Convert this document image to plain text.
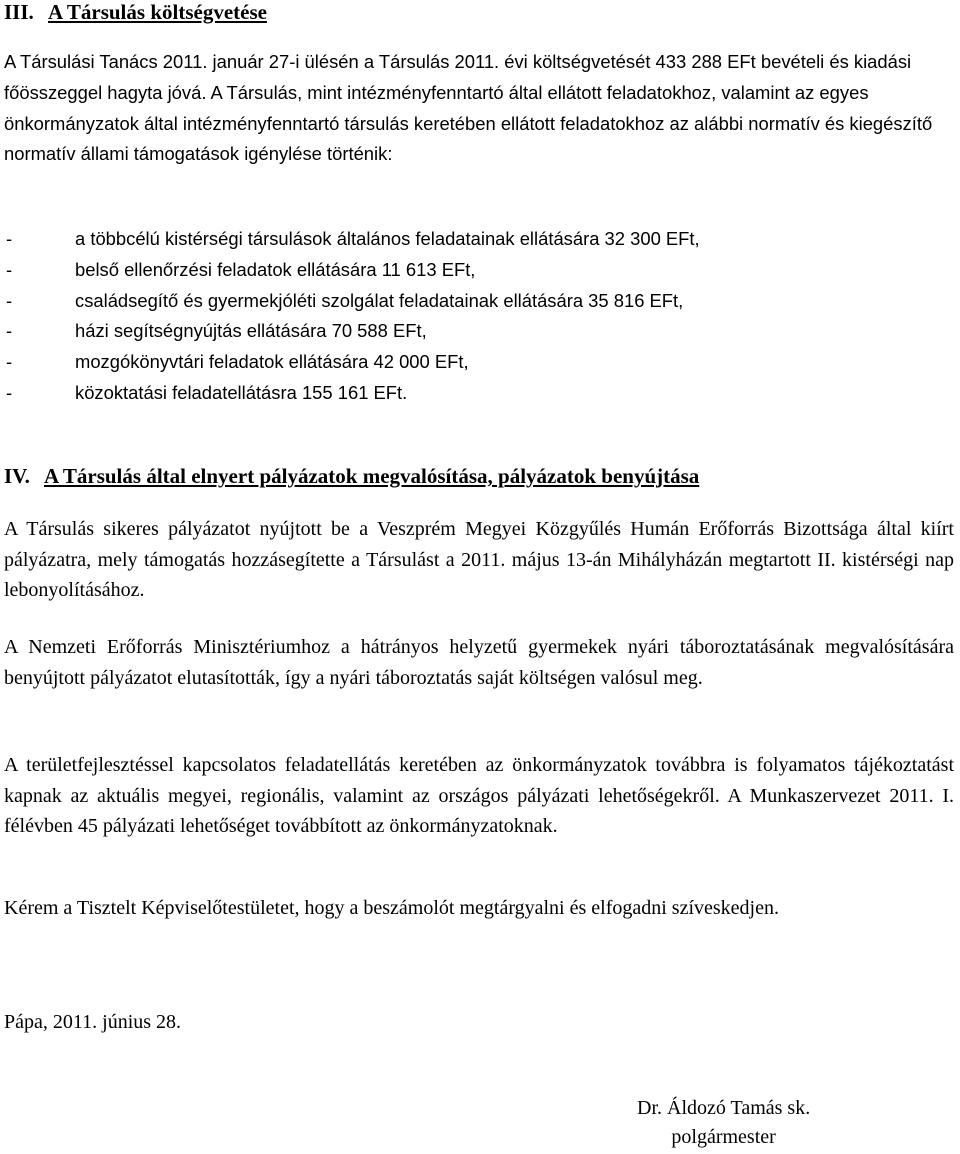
III. A Társulás költségvetése
A Társulási Tanács 2011. január 27-i ülésén a Társulás 2011. évi költségvetését 433 288 EFt bevételi és kiadási főösszeggel hagyta jóvá. A Társulás, mint intézményfenntartó által ellátott feladatokhoz, valamint az egyes önkormányzatok által intézményfenntartó társulás keretében ellátott feladatokhoz az alábbi normatív és kiegészítő normatív állami támogatások igénylése történik:
-	a többcélú kistérségi társulások általános feladatainak ellátására 32 300 EFt,
-	belső ellenőrzési feladatok ellátására 11 613 EFt,
-	családsegítő és gyermekjóléti szolgálat feladatainak ellátására 35 816 EFt,
-	házi segítségnyújtás ellátására 70 588 EFt,
-	mozgókönyvtári feladatok ellátására 42 000 EFt,
-	közoktatási feladatellátásra 155 161 EFt.
IV. A Társulás által elnyert pályázatok megvalósítása, pályázatok benyújtása
A Társulás sikeres pályázatot nyújtott be a Veszprém Megyei Közgyűlés Humán Erőforrás Bizottsága által kiírt pályázatra, mely támogatás hozzásegítette a Társulást a 2011. május 13-án Mihályházán megtartott II. kistérségi nap lebonyolításához.
A Nemzeti Erőforrás Minisztériumhoz a hátrányos helyzetű gyermekek nyári táboroztatásának megvalósítására benyújtott pályázatot elutasították, így a nyári táboroztatás saját költségen valósul meg.
A területfejlesztéssel kapcsolatos feladatellátás keretében az önkormányzatok továbbra is folyamatos tájékoztatást kapnak az aktuális megyei, regionális, valamint az országos pályázati lehetőségekről. A Munkaszervezet 2011. I. félévben 45 pályázati lehetőséget továbbított az önkormányzatoknak.
Kérem a Tisztelt Képviselőtestületet, hogy a beszámolót megtárgyalni és elfogadni szíveskedjen.
Pápa, 2011. június 28.
Dr. Áldozó Tamás sk.
polgármester
